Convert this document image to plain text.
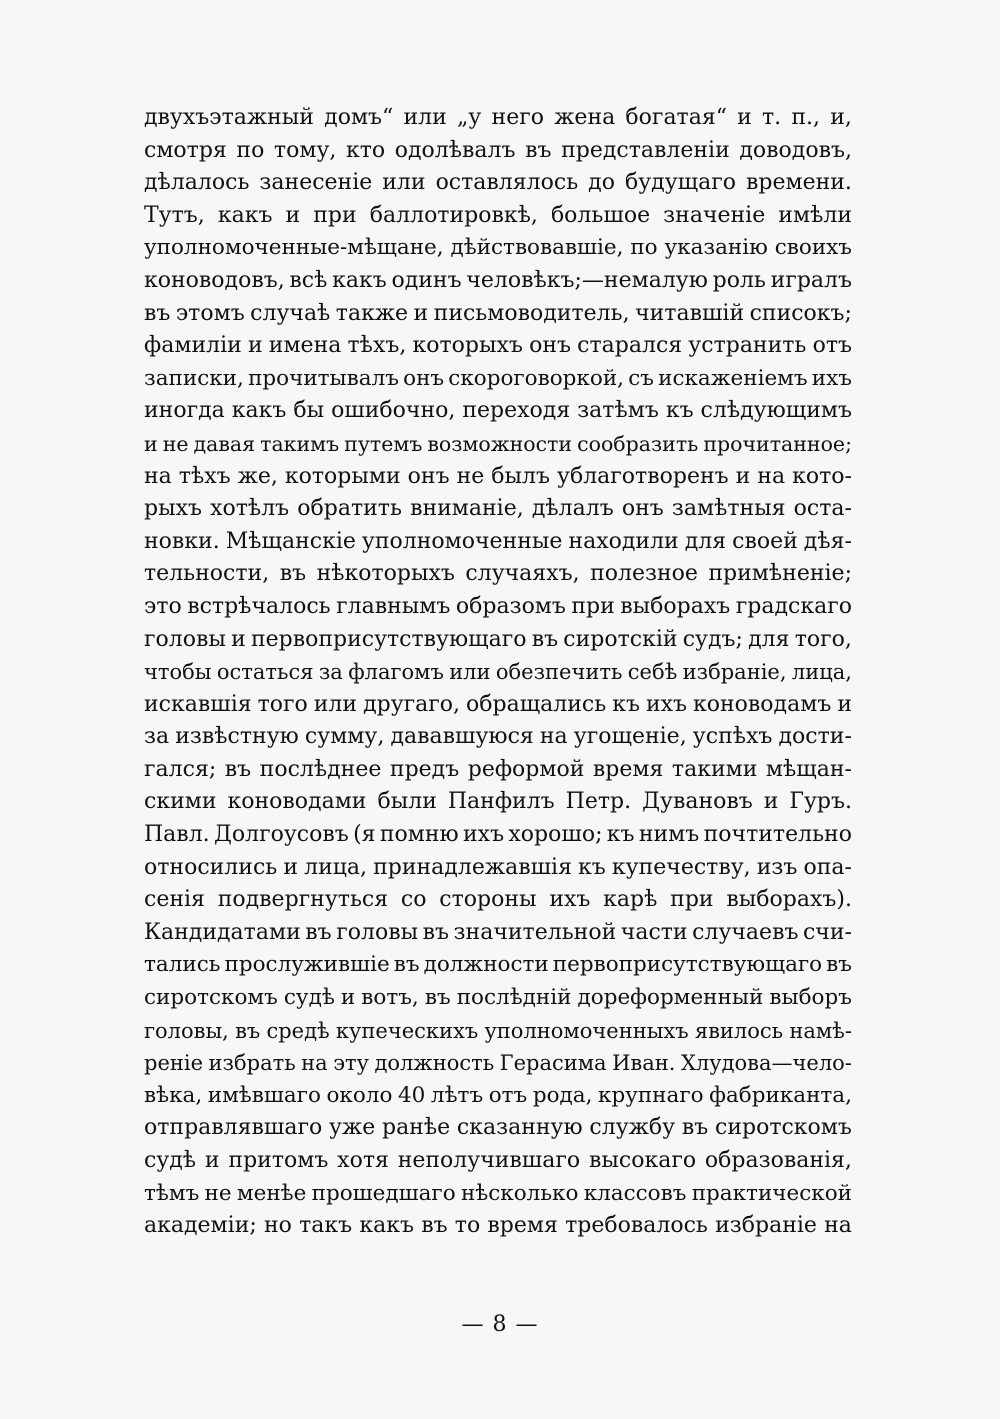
двухъэтажный домъ“ или „у него жена богатая“ и т. п., и,
смотря по тому, кто одолѣвалъ въ представленіи доводовъ,
дѣлалось занесеніе или оставлялось до будущаго времени.
Тутъ, какъ и при баллотировкѣ, большое значеніе имѣли
уполномоченные-мѣщане, дѣйствовавшіе, по указанію своихъ
коноводовъ, всѣ какъ одинъ человѣкъ;—немалую роль игралъ
въ этомъ случаѣ также и письмоводитель, читавшій списокъ;
фамиліи и имена тѣхъ, которыхъ онъ старался устранить отъ
записки, прочитывалъ онъ скороговоркой, съ искаженіемъ ихъ
иногда какъ бы ошибочно, переходя затѣмъ къ слѣдующимъ
и не давая такимъ путемъ возможности сообразить прочитанное;
на тѣхъ же, которыми онъ не былъ ублаготворенъ и на кото-
рыхъ хотѣлъ обратить вниманіе, дѣлалъ онъ замѣтныя оста-
новки. Мѣщанскіе уполномоченные находили для своей дѣя-
тельности, въ нѣкоторыхъ случаяхъ, полезное примѣненіе;
это встрѣчалось главнымъ образомъ при выборахъ градскаго
головы и первоприсутствующаго въ сиротскій судъ; для того,
чтобы остаться за флагомъ или обезпечить себѣ избраніе, лица,
искавшія того или другаго, обращались къ ихъ коноводамъ и
за извѣстную сумму, дававшуюся на угощеніе, успѣхъ дости-
гался; въ послѣднее предъ реформой время такими мѣщан-
скими коноводами были Панфилъ Петр. Дувановъ и Гуръ.
Павл. Долгоусовъ (я помню ихъ хорошо; къ нимъ почтительно
относились и лица, принадлежавшія къ купечеству, изъ опа-
сенія подвергнуться со стороны ихъ карѣ при выборахъ).
Кандидатами въ головы въ значительной части случаевъ счи-
тались прослужившіе въ должности первоприсутствующаго въ
сиротскомъ судѣ и вотъ, въ послѣдній дореформенный выборъ
головы, въ средѣ купеческихъ уполномоченныхъ явилось намѣ-
реніе избрать на эту должность Герасима Иван. Хлудова—чело-
вѣка, имѣвшаго около 40 лѣтъ отъ рода, крупнаго фабриканта,
отправлявшаго уже ранѣе сказанную службу въ сиротскомъ
судѣ и притомъ хотя неполучившаго высокаго образованія,
тѣмъ не менѣе прошедшаго нѣсколько классовъ практической
академіи; но такъ какъ въ то время требовалось избраніе на
— 8 —
